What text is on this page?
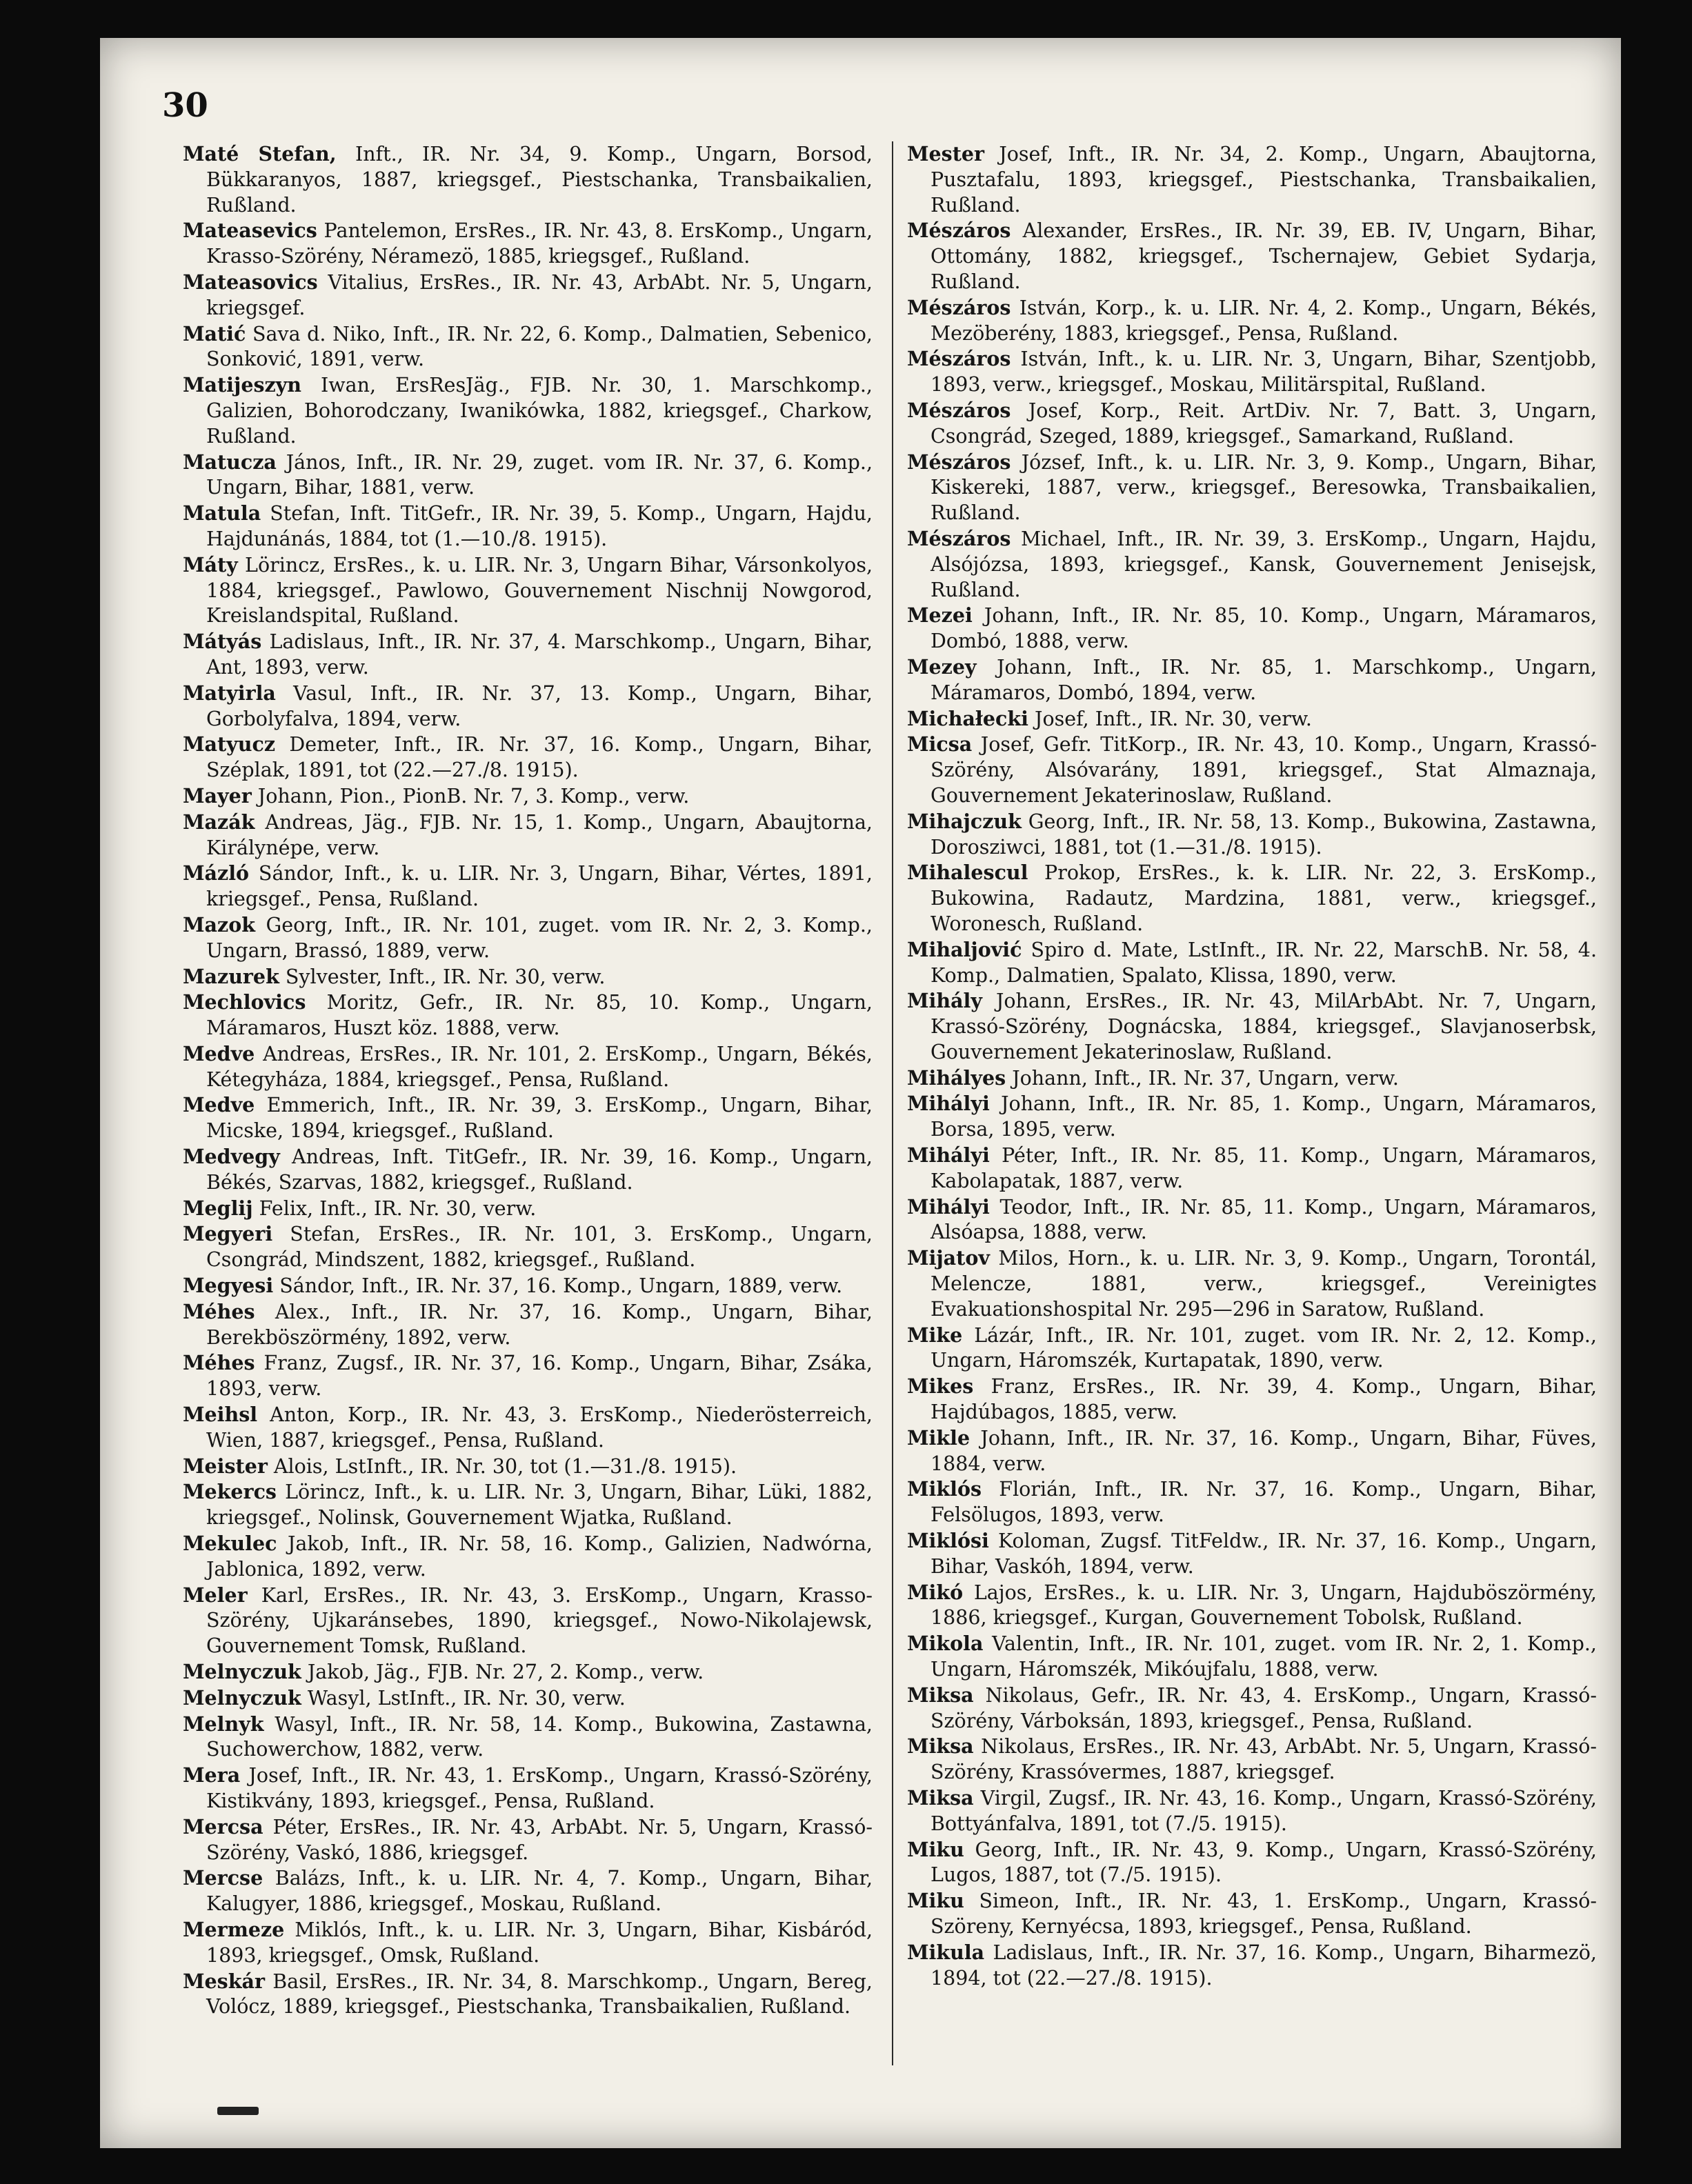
30

Maté Stefan, Inft., IR. Nr. 34, 9. Komp., Ungarn, Borsod, Bükkaranyos, 1887, kriegsgef., Piestschanka, Transbaikalien, Rußland.

Mateasevics Pantelemon, ErsRes., IR. Nr. 43, 8. ErsKomp., Ungarn, Krasso-Szörény, Néramezö, 1885, kriegsgef., Rußland.

Mateasovics Vitalius, ErsRes., IR. Nr. 43, ArbAbt. Nr. 5, Ungarn, kriegsgef.

Matić Sava d. Niko, Inft., IR. Nr. 22, 6. Komp., Dalmatien, Sebenico, Sonković, 1891, verw.

Matijeszyn Iwan, ErsResJäg., FJB. Nr. 30, 1. Marschkomp., Galizien, Bohorodczany, Iwanikówka, 1882, kriegsgef., Charkow, Rußland.

Matucza János, Inft., IR. Nr. 29, zuget. vom IR. Nr. 37, 6. Komp., Ungarn, Bihar, 1881, verw.

Matula Stefan, Inft. TitGefr., IR. Nr. 39, 5. Komp., Ungarn, Hajdu, Hajdunánás, 1884, tot (1.—10./8. 1915).

Máty Lörincz, ErsRes., k. u. LIR. Nr. 3, Ungarn Bihar, Vársonkolyos, 1884, kriegsgef., Pawlowo, Gouvernement Nischnij Nowgorod, Kreislandspital, Rußland.

Mátyás Ladislaus, Inft., IR. Nr. 37, 4. Marschkomp., Ungarn, Bihar, Ant, 1893, verw.

Matyirla Vasul, Inft., IR. Nr. 37, 13. Komp., Ungarn, Bihar, Gorbolyfalva, 1894, verw.

Matyucz Demeter, Inft., IR. Nr. 37, 16. Komp., Ungarn, Bihar, Széplak, 1891, tot (22.—27./8. 1915).

Mayer Johann, Pion., PionB. Nr. 7, 3. Komp., verw.

Mazák Andreas, Jäg., FJB. Nr. 15, 1. Komp., Ungarn, Abaujtorna, Királynépe, verw.

Mázló Sándor, Inft., k. u. LIR. Nr. 3, Ungarn, Bihar, Vértes, 1891, kriegsgef., Pensa, Rußland.

Mazok Georg, Inft., IR. Nr. 101, zuget. vom IR. Nr. 2, 3. Komp., Ungarn, Brassó, 1889, verw.

Mazurek Sylvester, Inft., IR. Nr. 30, verw.

Mechlovics Moritz, Gefr., IR. Nr. 85, 10. Komp., Ungarn, Máramaros, Huszt köz. 1888, verw.

Medve Andreas, ErsRes., IR. Nr. 101, 2. ErsKomp., Ungarn, Békés, Kétegyháza, 1884, kriegsgef., Pensa, Rußland.

Medve Emmerich, Inft., IR. Nr. 39, 3. ErsKomp., Ungarn, Bihar, Micske, 1894, kriegsgef., Rußland.

Medvegy Andreas, Inft. TitGefr., IR. Nr. 39, 16. Komp., Ungarn, Békés, Szarvas, 1882, kriegsgef., Rußland.

Meglij Felix, Inft., IR. Nr. 30, verw.

Megyeri Stefan, ErsRes., IR. Nr. 101, 3. ErsKomp., Ungarn, Csongrád, Mindszent, 1882, kriegsgef., Rußland.

Megyesi Sándor, Inft., IR. Nr. 37, 16. Komp., Ungarn, 1889, verw.

Méhes Alex., Inft., IR. Nr. 37, 16. Komp., Ungarn, Bihar, Berekböszörmény, 1892, verw.

Méhes Franz, Zugsf., IR. Nr. 37, 16. Komp., Ungarn, Bihar, Zsáka, 1893, verw.

Meihsl Anton, Korp., IR. Nr. 43, 3. ErsKomp., Niederösterreich, Wien, 1887, kriegsgef., Pensa, Rußland.

Meister Alois, LstInft., IR. Nr. 30, tot (1.—31./8. 1915).

Mekercs Lörincz, Inft., k. u. LIR. Nr. 3, Ungarn, Bihar, Lüki, 1882, kriegsgef., Nolinsk, Gouvernement Wjatka, Rußland.

Mekulec Jakob, Inft., IR. Nr. 58, 16. Komp., Galizien, Nadwórna, Jablonica, 1892, verw.

Meler Karl, ErsRes., IR. Nr. 43, 3. ErsKomp., Ungarn, Krasso-Szörény, Ujkaránsebes, 1890, kriegsgef., Nowo-Nikolajewsk, Gouvernement Tomsk, Rußland.

Melnyczuk Jakob, Jäg., FJB. Nr. 27, 2. Komp., verw.

Melnyczuk Wasyl, LstInft., IR. Nr. 30, verw.

Melnyk Wasyl, Inft., IR. Nr. 58, 14. Komp., Bukowina, Zastawna, Suchowerchow, 1882, verw.

Mera Josef, Inft., IR. Nr. 43, 1. ErsKomp., Ungarn, Krassó-Szörény, Kistikvány, 1893, kriegsgef., Pensa, Rußland.

Mercsa Péter, ErsRes., IR. Nr. 43, ArbAbt. Nr. 5, Ungarn, Krassó-Szörény, Vaskó, 1886, kriegsgef.

Mercse Balázs, Inft., k. u. LIR. Nr. 4, 7. Komp., Ungarn, Bihar, Kalugyer, 1886, kriegsgef., Moskau, Rußland.

Mermeze Miklós, Inft., k. u. LIR. Nr. 3, Ungarn, Bihar, Kisbáród, 1893, kriegsgef., Omsk, Rußland.

Meskár Basil, ErsRes., IR. Nr. 34, 8. Marschkomp., Ungarn, Bereg, Volócz, 1889, kriegsgef., Piestschanka, Transbaikalien, Rußland.

Mester Josef, Inft., IR. Nr. 34, 2. Komp., Ungarn, Abaujtorna, Pusztafalu, 1893, kriegsgef., Piestschanka, Transbaikalien, Rußland.

Mészáros Alexander, ErsRes., IR. Nr. 39, EB. IV, Ungarn, Bihar, Ottomány, 1882, kriegsgef., Tschernajew, Gebiet Sydarja, Rußland.

Mészáros István, Korp., k. u. LIR. Nr. 4, 2. Komp., Ungarn, Békés, Mezöberény, 1883, kriegsgef., Pensa, Rußland.

Mészáros István, Inft., k. u. LIR. Nr. 3, Ungarn, Bihar, Szentjobb, 1893, verw., kriegsgef., Moskau, Militärspital, Rußland.

Mészáros Josef, Korp., Reit. ArtDiv. Nr. 7, Batt. 3, Ungarn, Csongrád, Szeged, 1889, kriegsgef., Samarkand, Rußland.

Mészáros József, Inft., k. u. LIR. Nr. 3, 9. Komp., Ungarn, Bihar, Kiskereki, 1887, verw., kriegsgef., Beresowka, Transbaikalien, Rußland.

Mészáros Michael, Inft., IR. Nr. 39, 3. ErsKomp., Ungarn, Hajdu, Alsójózsa, 1893, kriegsgef., Kansk, Gouvernement Jenisejsk, Rußland.

Mezei Johann, Inft., IR. Nr. 85, 10. Komp., Ungarn, Máramaros, Dombó, 1888, verw.

Mezey Johann, Inft., IR. Nr. 85, 1. Marschkomp., Ungarn, Máramaros, Dombó, 1894, verw.

Michałecki Josef, Inft., IR. Nr. 30, verw.

Micsa Josef, Gefr. TitKorp., IR. Nr. 43, 10. Komp., Ungarn, Krassó-Szörény, Alsóvarány, 1891, kriegsgef., Stat Almaznaja, Gouvernement Jekaterinoslaw, Rußland.

Mihajczuk Georg, Inft., IR. Nr. 58, 13. Komp., Bukowina, Zastawna, Dorosziwci, 1881, tot (1.—31./8. 1915).

Mihalescul Prokop, ErsRes., k. k. LIR. Nr. 22, 3. ErsKomp., Bukowina, Radautz, Mardzina, 1881, verw., kriegsgef., Woronesch, Rußland.

Mihaljović Spiro d. Mate, LstInft., IR. Nr. 22, MarschB. Nr. 58, 4. Komp., Dalmatien, Spalato, Klissa, 1890, verw.

Mihály Johann, ErsRes., IR. Nr. 43, MilArbAbt. Nr. 7, Ungarn, Krassó-Szörény, Dognácska, 1884, kriegsgef., Slavjanoserbsk, Gouvernement Jekaterinoslaw, Rußland.

Mihályes Johann, Inft., IR. Nr. 37, Ungarn, verw.

Mihályi Johann, Inft., IR. Nr. 85, 1. Komp., Ungarn, Máramaros, Borsa, 1895, verw.

Mihályi Péter, Inft., IR. Nr. 85, 11. Komp., Ungarn, Máramaros, Kabolapatak, 1887, verw.

Mihályi Teodor, Inft., IR. Nr. 85, 11. Komp., Ungarn, Máramaros, Alsóapsa, 1888, verw.

Mijatov Milos, Horn., k. u. LIR. Nr. 3, 9. Komp., Ungarn, Torontál, Melencze, 1881, verw., kriegsgef., Vereinigtes Evakuationshospital Nr. 295—296 in Saratow, Rußland.

Mike Lázár, Inft., IR. Nr. 101, zuget. vom IR. Nr. 2, 12. Komp., Ungarn, Háromszék, Kurtapatak, 1890, verw.

Mikes Franz, ErsRes., IR. Nr. 39, 4. Komp., Ungarn, Bihar, Hajdúbagos, 1885, verw.

Mikle Johann, Inft., IR. Nr. 37, 16. Komp., Ungarn, Bihar, Füves, 1884, verw.

Miklós Florián, Inft., IR. Nr. 37, 16. Komp., Ungarn, Bihar, Felsölugos, 1893, verw.

Miklósi Koloman, Zugsf. TitFeldw., IR. Nr. 37, 16. Komp., Ungarn, Bihar, Vaskóh, 1894, verw.

Mikó Lajos, ErsRes., k. u. LIR. Nr. 3, Ungarn, Hajduböszörmény, 1886, kriegsgef., Kurgan, Gouvernement Tobolsk, Rußland.

Mikola Valentin, Inft., IR. Nr. 101, zuget. vom IR. Nr. 2, 1. Komp., Ungarn, Háromszék, Mikóujfalu, 1888, verw.

Miksa Nikolaus, Gefr., IR. Nr. 43, 4. ErsKomp., Ungarn, Krassó-Szörény, Várboksán, 1893, kriegsgef., Pensa, Rußland.

Miksa Nikolaus, ErsRes., IR. Nr. 43, ArbAbt. Nr. 5, Ungarn, Krassó-Szörény, Krassóvermes, 1887, kriegsgef.

Miksa Virgil, Zugsf., IR. Nr. 43, 16. Komp., Ungarn, Krassó-Szörény, Bottyánfalva, 1891, tot (7./5. 1915).

Miku Georg, Inft., IR. Nr. 43, 9. Komp., Ungarn, Krassó-Szörény, Lugos, 1887, tot (7./5. 1915).

Miku Simeon, Inft., IR. Nr. 43, 1. ErsKomp., Ungarn, Krassó-Szöreny, Kernyécsa, 1893, kriegsgef., Pensa, Rußland.

Mikula Ladislaus, Inft., IR. Nr. 37, 16. Komp., Ungarn, Biharmezö, 1894, tot (22.—27./8. 1915).
